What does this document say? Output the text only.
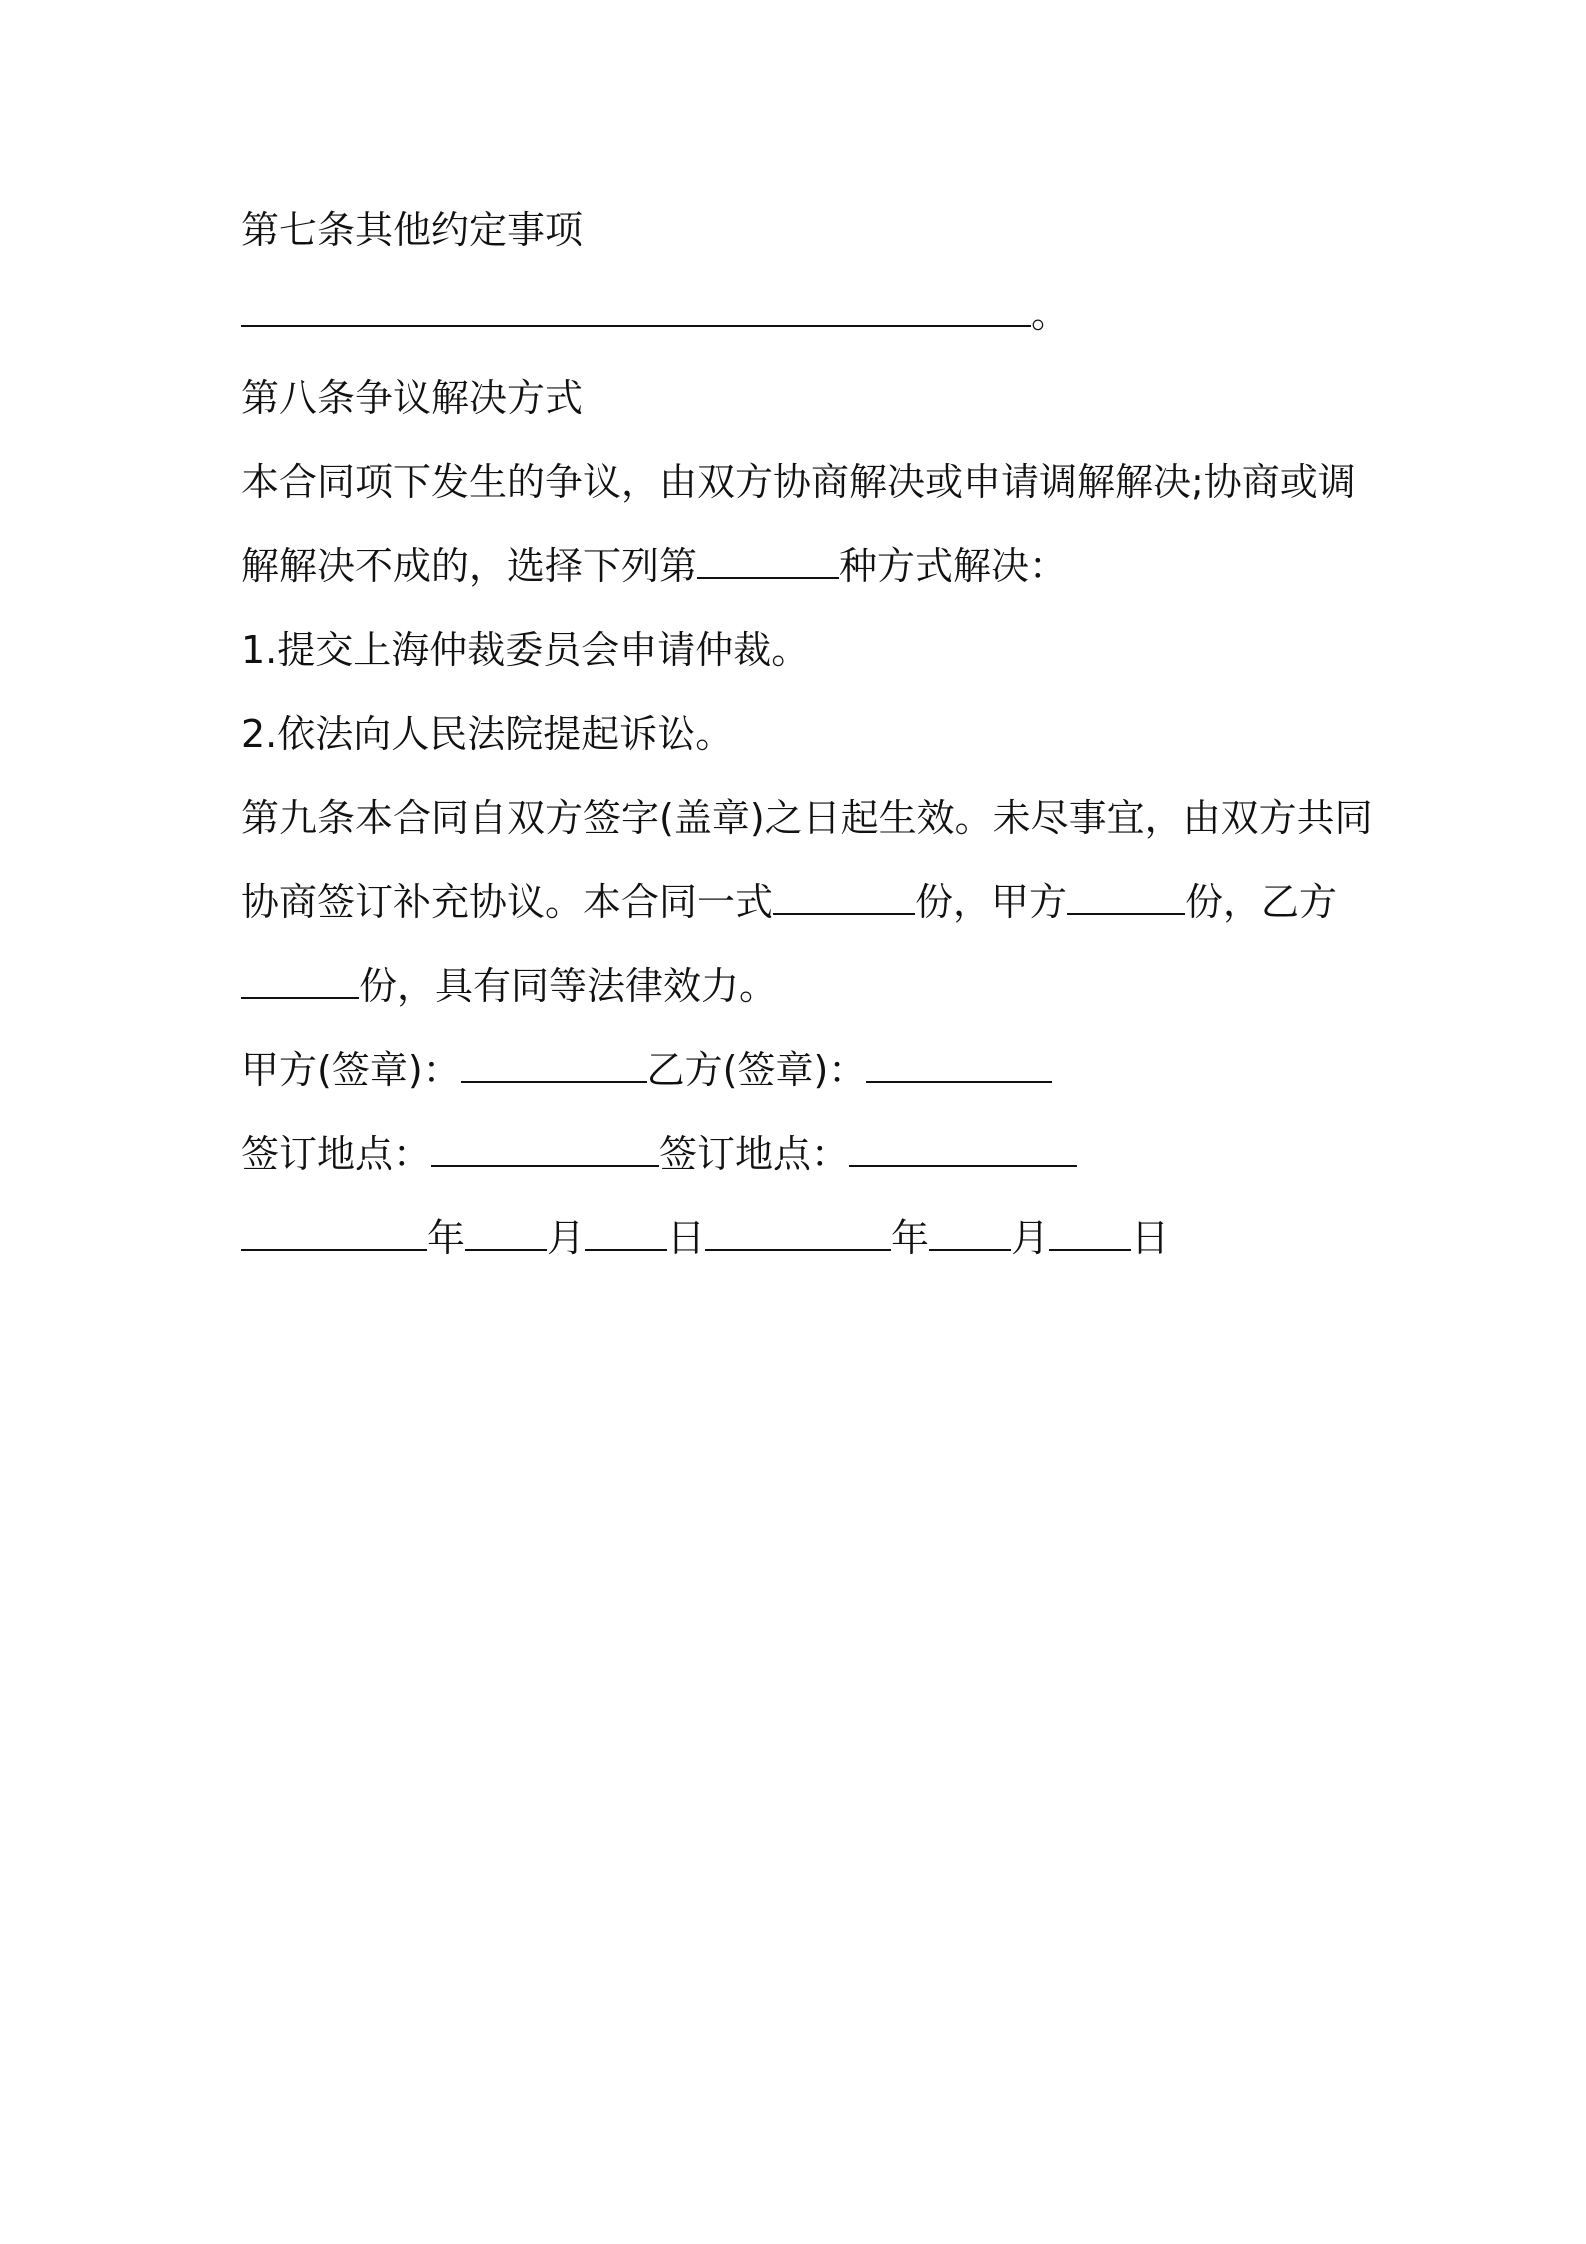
第七条其他约定事项
。
第八条争议解决方式
本合同项下发生的争议，由双方协商解决或申请调解解决;协商或调
解解决不成的，选择下列第	种方式解决：
1.提交上海仲裁委员会申请仲裁。
2.依法向人民法院提起诉讼。
第九条本合同自双方签字(盖章)之日起生效。未尽事宜，由双方共同
协商签订补充协议。本合同一式	份，甲方	份，乙方
份，具有同等法律效力。
甲方(签章)：	乙方(签章)：
签订地点：	签订地点：
年 月 日	年 月 日
